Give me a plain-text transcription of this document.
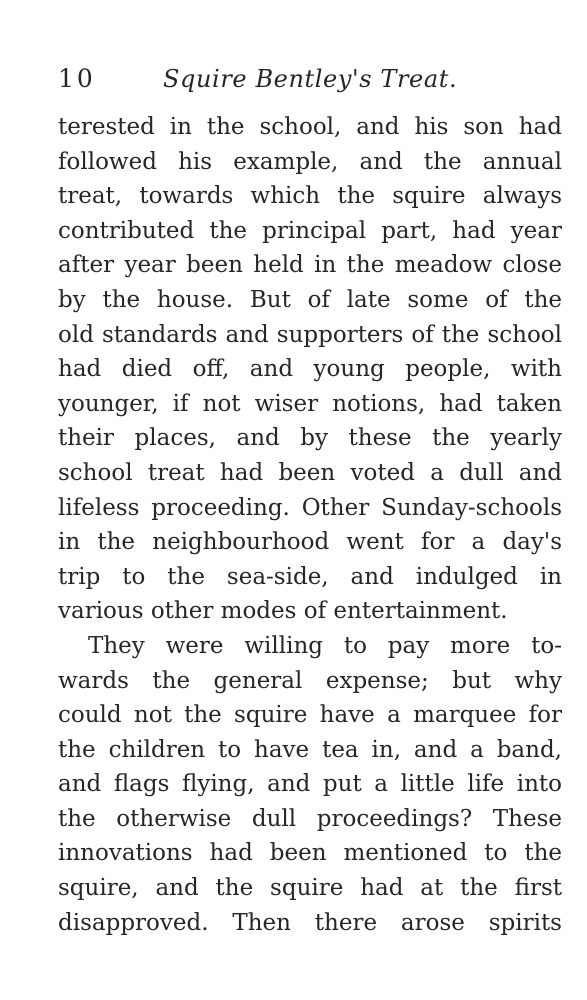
10	Squire Bentley's Treat.
terested in the school, and his son had
followed his example, and the annual
treat, towards which the squire always
contributed the principal part, had year
after year been held in the meadow close
by the house. But of late some of the
old standards and supporters of the school
had died off, and young people, with
younger, if not wiser notions, had taken
their places, and by these the yearly
school treat had been voted a dull and
lifeless proceeding. Other Sunday-schools
in the neighbourhood went for a day's
trip to the sea-side, and indulged in
various other modes of entertainment.
They were willing to pay more to-
wards the general expense; but why
could not the squire have a marquee for
the children to have tea in, and a band,
and flags flying, and put a little life into
the otherwise dull proceedings? These
innovations had been mentioned to the
squire, and the squire had at the first
disapproved. Then there arose spirits
